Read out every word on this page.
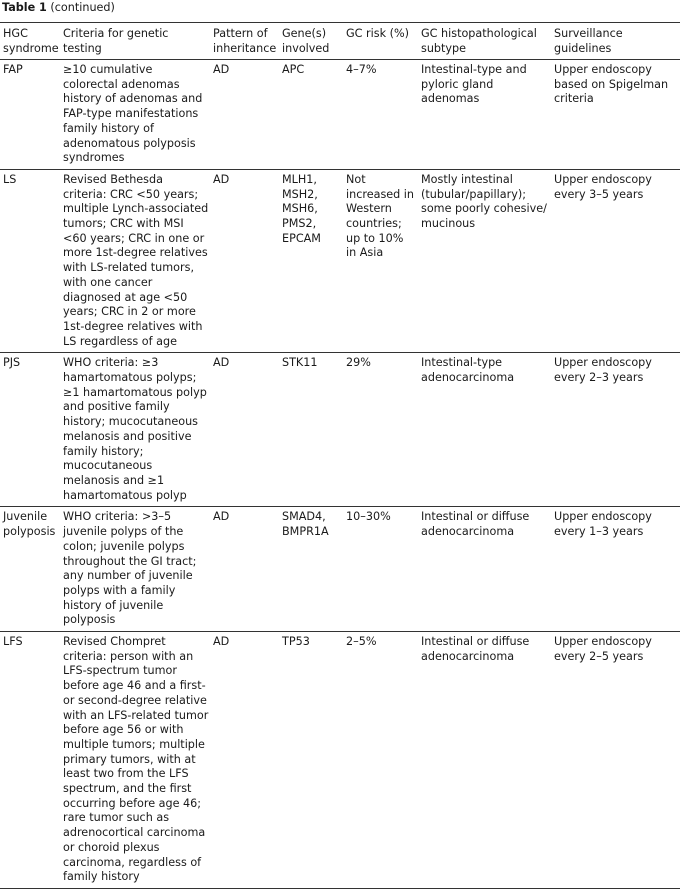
Table 1 (continued)
HGC syndrome	Criteria for genetic testing	Pattern of inheritance	Gene(s) involved	GC risk (%)	GC histopathological subtype	Surveillance guidelines
FAP	≥10 cumulative colorectal adenomas history of adenomas and FAP-type manifestations family history of adenomatous polyposis syndromes	AD	APC	4–7%	Intestinal-type and pyloric gland adenomas	Upper endoscopy based on Spigelman criteria
LS	Revised Bethesda criteria: CRC <50 years; multiple Lynch-associated tumors; CRC with MSI <60 years; CRC in one or more 1st-degree relatives with LS-related tumors, with one cancer diagnosed at age <50 years; CRC in 2 or more 1st-degree relatives with LS regardless of age	AD	MLH1, MSH2, MSH6, PMS2, EPCAM	Not increased in Western countries; up to 10% in Asia	Mostly intestinal (tubular/papillary); some poorly cohesive/ mucinous	Upper endoscopy every 3–5 years
PJS	WHO criteria: ≥3 hamartomatous polyps; ≥1 hamartomatous polyp and positive family history; mucocutaneous melanosis and positive family history; mucocutaneous melanosis and ≥1 hamartomatous polyp	AD	STK11	29%	Intestinal-type adenocarcinoma	Upper endoscopy every 2–3 years
Juvenile polyposis	WHO criteria: >3–5 juvenile polyps of the colon; juvenile polyps throughout the GI tract; any number of juvenile polyps with a family history of juvenile polyposis	AD	SMAD4, BMPR1A	10–30%	Intestinal or diffuse adenocarcinoma	Upper endoscopy every 1–3 years
LFS	Revised Chompret criteria: person with an LFS-spectrum tumor before age 46 and a first- or second-degree relative with an LFS-related tumor before age 56 or with multiple tumors; multiple primary tumors, with at least two from the LFS spectrum, and the first occurring before age 46; rare tumor such as adrenocortical carcinoma or choroid plexus carcinoma, regardless of family history	AD	TP53	2–5%	Intestinal or diffuse adenocarcinoma	Upper endoscopy every 2–5 years
